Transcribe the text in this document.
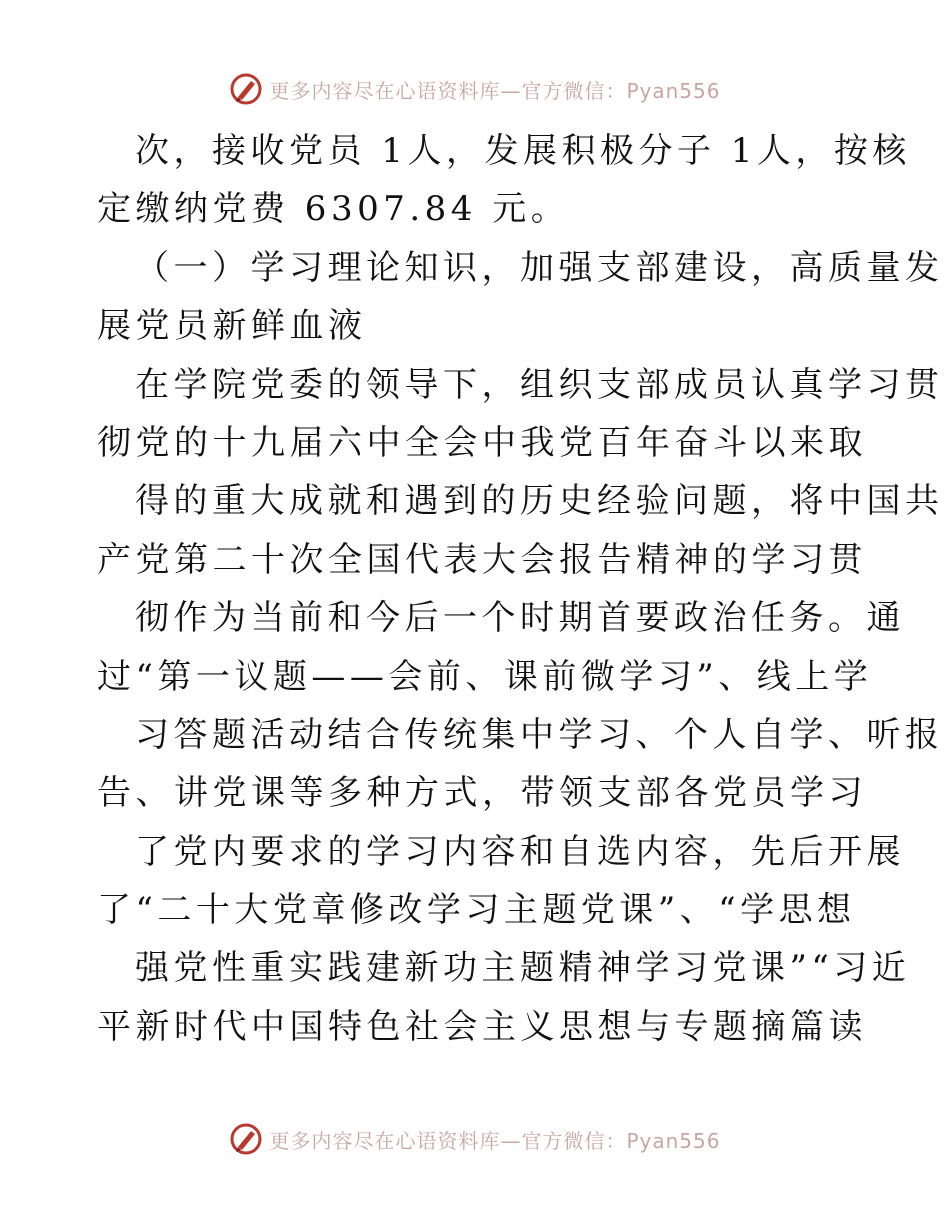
更多内容尽在心语资料库—官方微信：Pyan556
次，接收党员 1人，发展积极分子 1人，按核
定缴纳党费 6307.84 元。
（一）学习理论知识，加强支部建设，高质量发
展党员新鲜血液
在学院党委的领导下，组织支部成员认真学习贯
彻党的十九届六中全会中我党百年奋斗以来取
得的重大成就和遇到的历史经验问题，将中国共
产党第二十次全国代表大会报告精神的学习贯
彻作为当前和今后一个时期首要政治任务。通
过“第一议题——会前、课前微学习”、线上学
习答题活动结合传统集中学习、个人自学、听报
告、讲党课等多种方式，带领支部各党员学习
了党内要求的学习内容和自选内容，先后开展
了“二十大党章修改学习主题党课”、“学思想
强党性重实践建新功主题精神学习党课”“习近
平新时代中国特色社会主义思想与专题摘篇读
更多内容尽在心语资料库—官方微信：Pyan556
